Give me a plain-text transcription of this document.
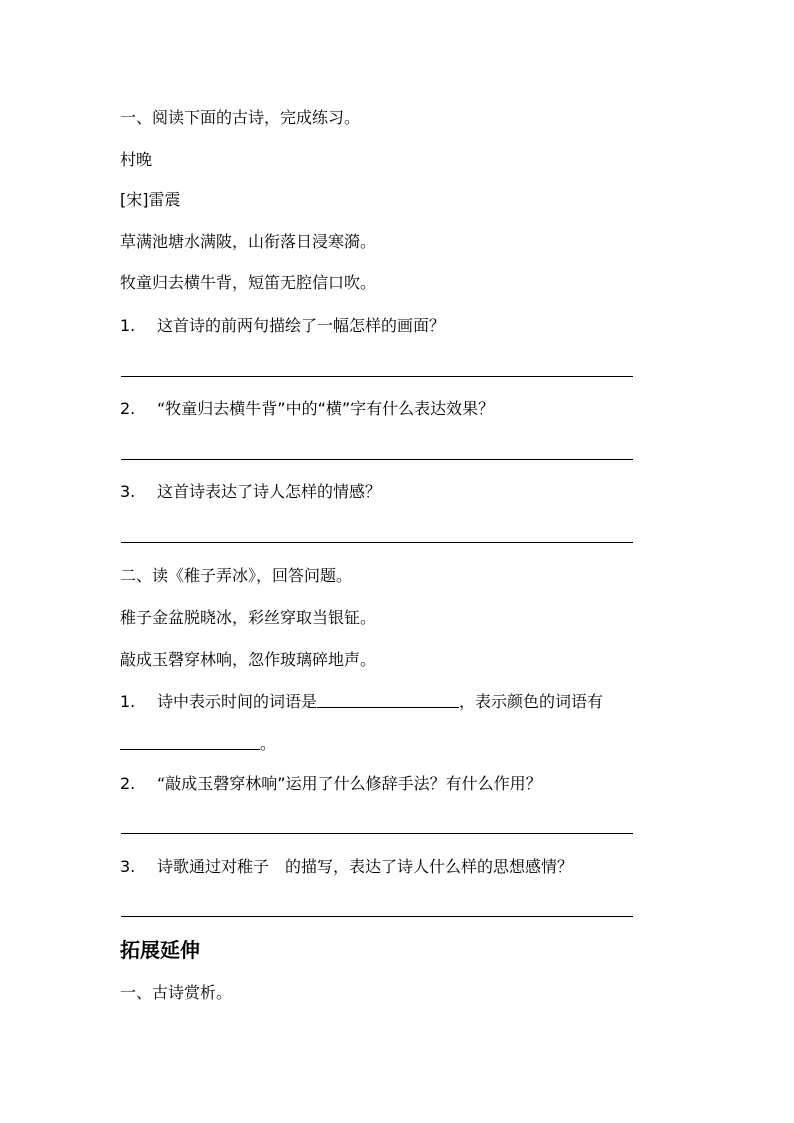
一、阅读下面的古诗，完成练习。
村晚
[宋]雷震
草满池塘水满陂，山衔落日浸寒漪。
牧童归去横牛背，短笛无腔信口吹。
1. 这首诗的前两句描绘了一幅怎样的画面？
2. “牧童归去横牛背”中的“横”字有什么表达效果？
3. 这首诗表达了诗人怎样的情感？
二、读《稚子弄冰》，回答问题。
稚子金盆脱晓冰，彩丝穿取当银钲。
敲成玉磬穿林响，忽作玻璃碎地声。
1. 诗中表示时间的词语是	，表示颜色的词语有
。
2. “敲成玉磬穿林响”运用了什么修辞手法？有什么作用？
3. 诗歌通过对稚子　的描写，表达了诗人什么样的思想感情？
拓展延伸
一、古诗赏析。
